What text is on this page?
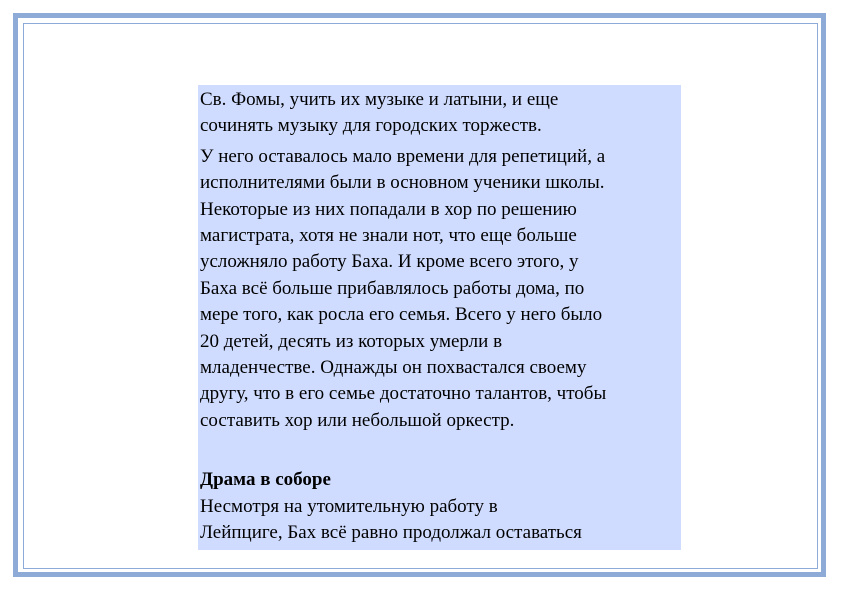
Св. Фомы, учить их музыке и латыни, и еще
сочинять музыку для городских торжеств.

У него оставалось мало времени для репетиций, а
исполнителями были в основном ученики школы.
Некоторые из них попадали в хор по решению
магистрата, хотя не знали нот, что еще больше
усложняло работу Баха. И кроме всего этого, у
Баха всё больше прибавлялось работы дома, по
мере того, как росла его семья. Всего у него было
20 детей, десять из которых умерли в
младенчестве. Однажды он похвастался своему
другу, что в его семье достаточно талантов, чтобы
составить хор или небольшой оркестр.

Драма в соборе

Несмотря на утомительную работу в
Лейпциге, Бах всё равно продолжал оставаться
